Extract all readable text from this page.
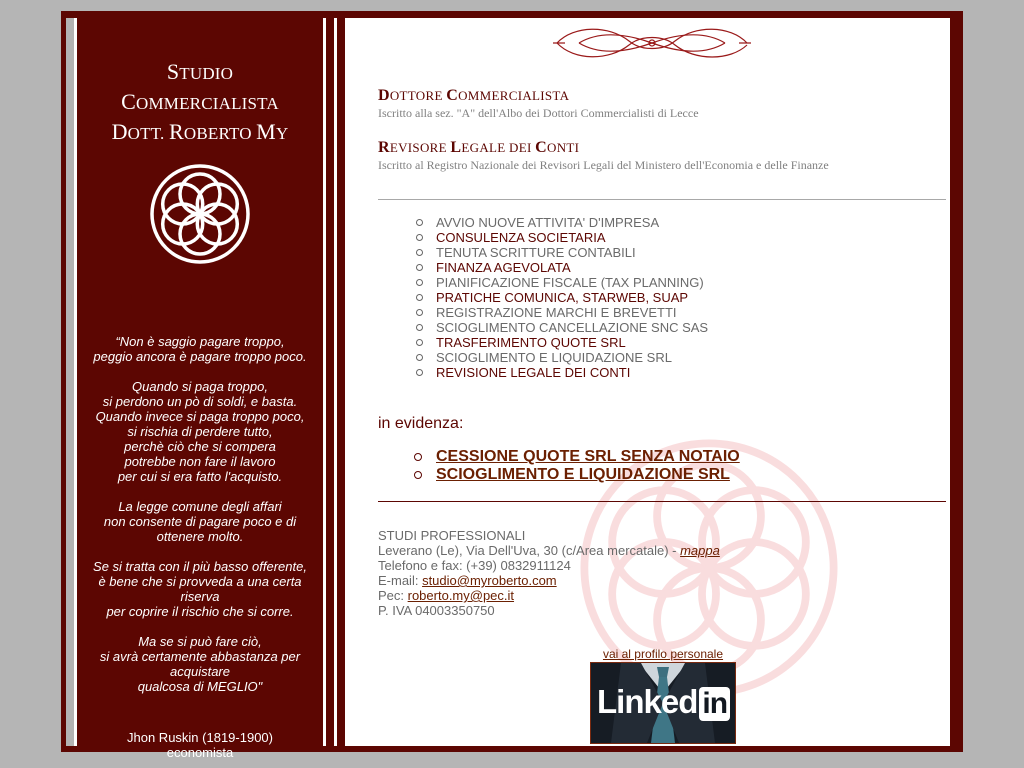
STUDIO
COMMERCIALISTA
DOTT. ROBERTO MY

“Non è saggio pagare troppo,
peggio ancora è pagare troppo poco.

Quando si paga troppo,
si perdono un pò di soldi, e basta.
Quando invece si paga troppo poco,
si rischia di perdere tutto,
perchè ciò che si compera
potrebbe non fare il lavoro
per cui si era fatto l'acquisto.

La legge comune degli affari
non consente di pagare poco e di ottenere molto.

Se si tratta con il più basso offerente,
è bene che si provveda a una certa riserva
per coprire il rischio che si corre.

Ma se si può fare ciò,
si avrà certamente abbastanza per acquistare
qualcosa di MEGLIO"

Jhon Ruskin (1819-1900)
economista
DOTTORE COMMERCIALISTA
Iscritto alla sez. "A" dell'Albo dei Dottori Commercialisti di Lecce
REVISORE LEGALE DEI CONTI
Iscritto al Registro Nazionale dei Revisori Legali del Ministero dell'Economia e delle Finanze
AVVIO NUOVE ATTIVITA' D'IMPRESA
CONSULENZA SOCIETARIA
TENUTA SCRITTURE CONTABILI
FINANZA AGEVOLATA
PIANIFICAZIONE FISCALE (TAX PLANNING)
PRATICHE COMUNICA, STARWEB, SUAP
REGISTRAZIONE MARCHI E BREVETTI
SCIOGLIMENTO CANCELLAZIONE SNC SAS
TRASFERIMENTO QUOTE SRL
SCIOGLIMENTO E LIQUIDAZIONE SRL
REVISIONE LEGALE DEI CONTI
in evidenza:
CESSIONE QUOTE SRL SENZA NOTAIO
SCIOGLIMENTO E LIQUIDAZIONE SRL
STUDI PROFESSIONALI
Leverano (Le), Via Dell'Uva, 30 (c/Area mercatale) - mappa
Telefono e fax: (+39) 0832911124
E-mail: studio@myroberto.com
Pec: roberto.my@pec.it
P. IVA 04003350750
vai al profilo personale
Linked in
